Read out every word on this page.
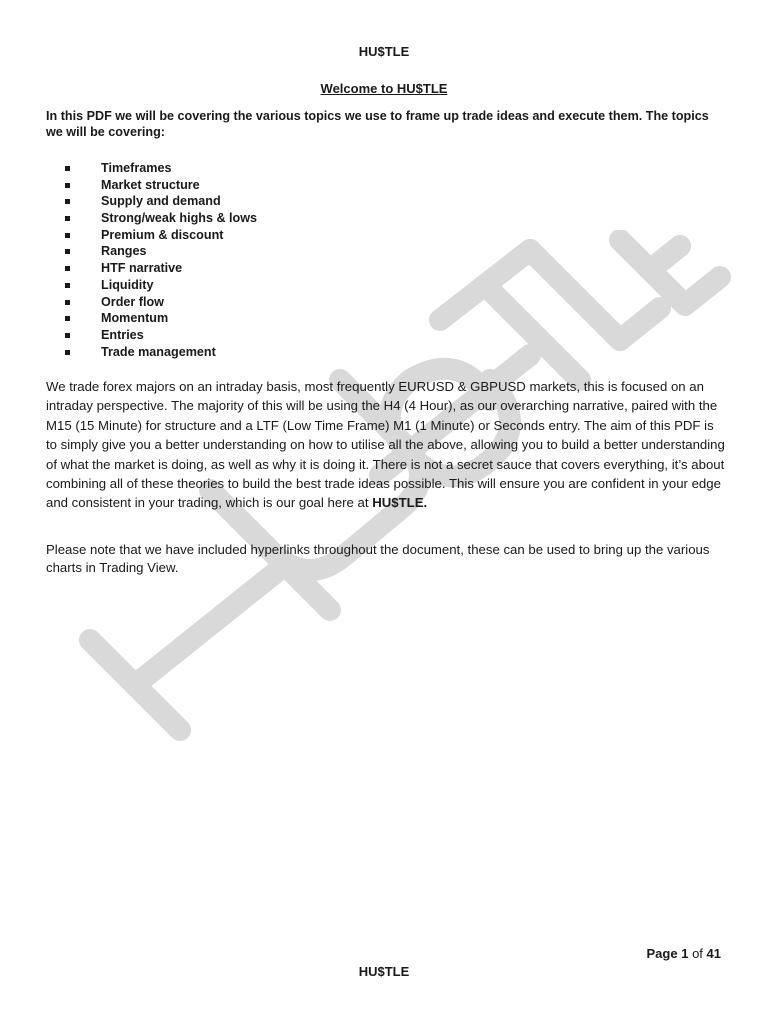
HU$TLE
Welcome to HU$TLE

In this PDF we will be covering the various topics we use to frame up trade ideas and execute them. The topics we will be covering:

Timeframes
Market structure
Supply and demand
Strong/weak highs & lows
Premium & discount
Ranges
HTF narrative
Liquidity
Order flow
Momentum
Entries
Trade management

We trade forex majors on an intraday basis, most frequently EURUSD & GBPUSD markets, this is focused on an intraday perspective. The majority of this will be using the H4 (4 Hour), as our overarching narrative, paired with the M15 (15 Minute) for structure and a LTF (Low Time Frame) M1 (1 Minute) or Seconds entry. The aim of this PDF is to simply give you a better understanding on how to utilise all the above, allowing you to build a better understanding of what the market is doing, as well as why it is doing it. There is not a secret sauce that covers everything, it’s about combining all of these theories to build the best trade ideas possible. This will ensure you are confident in your edge and consistent in your trading, which is our goal here at HU$TLE.

Please note that we have included hyperlinks throughout the document, these can be used to bring up the various charts in Trading View.

Page 1 of 41
HU$TLE
